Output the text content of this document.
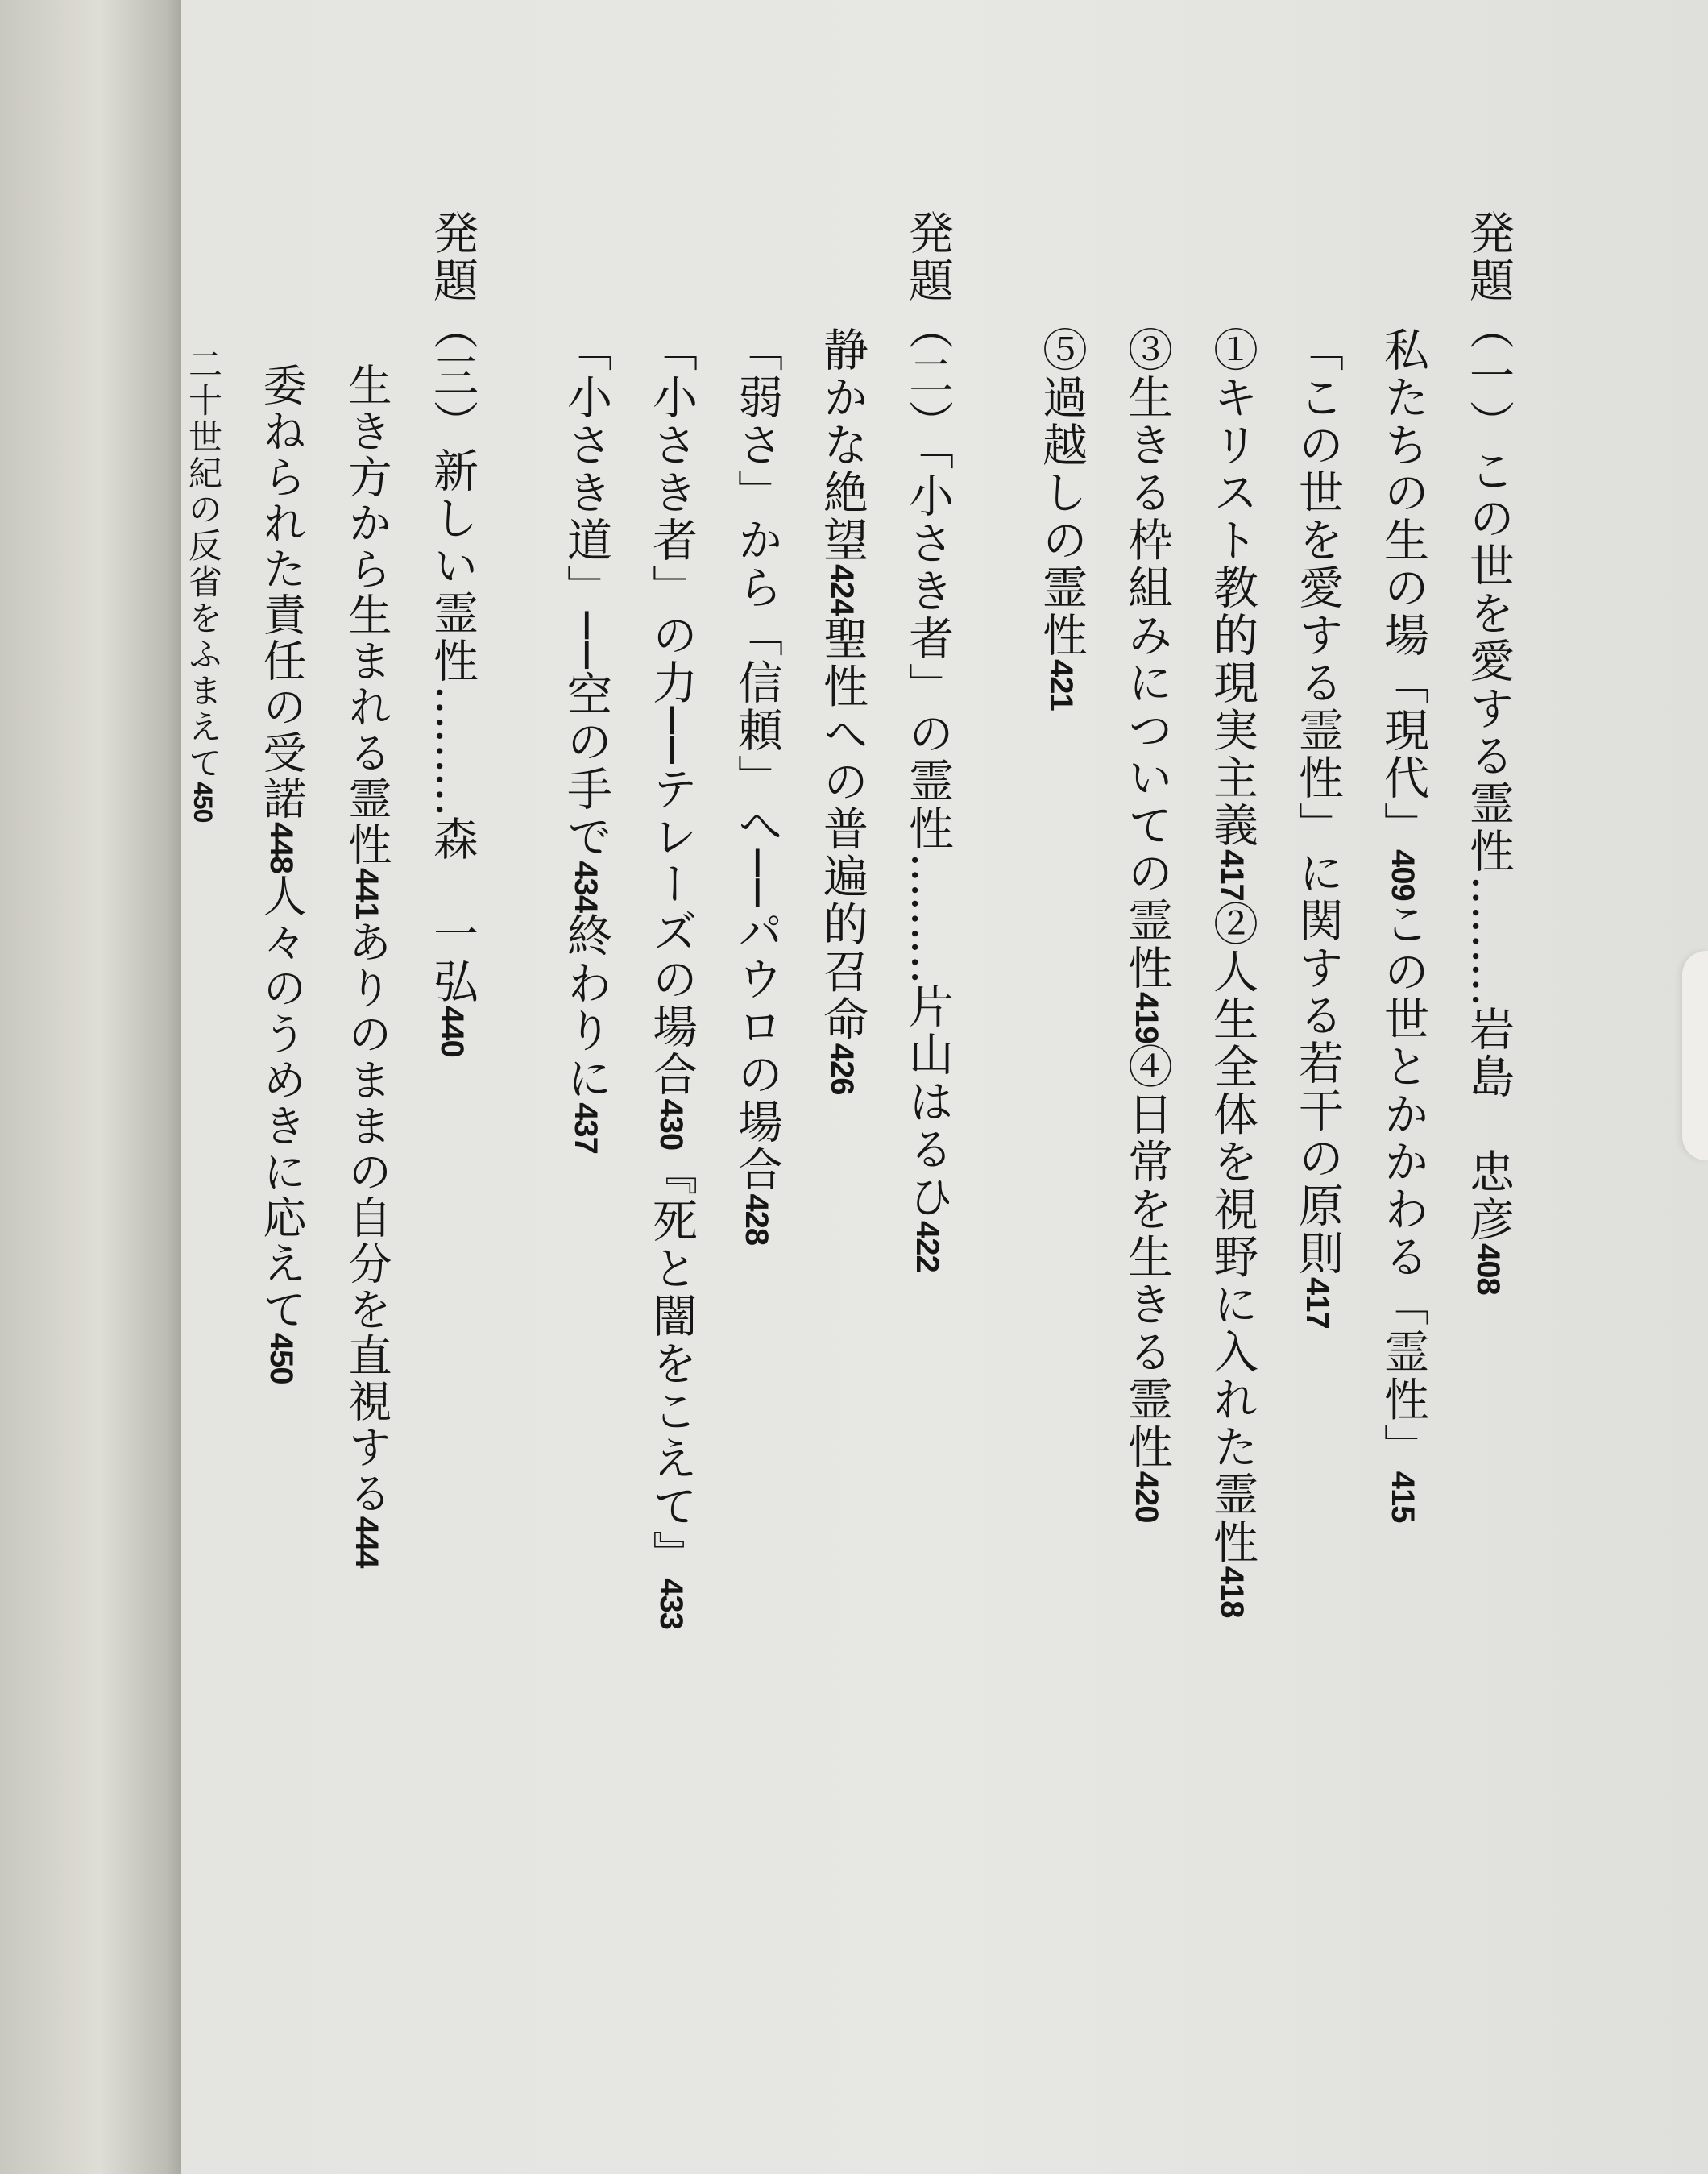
発題（一）この世を愛する霊性………岩島　忠彦408
私たちの生の場「現代」409この世とかかわる「霊性」415
「この世を愛する霊性」に関する若干の原則417
①キリスト教的現実主義417②人生全体を視野に入れた霊性418
③生きる枠組みについての霊性419④日常を生きる霊性420
⑤過越しの霊性421
発題（二）「小さき者」の霊性………片山はるひ422
静かな絶望424聖性への普遍的召命426
「弱さ」から「信頼」へ──パウロの場合428
「小さき者」の力──テレーズの場合430『死と闇をこえて』433
「小さき道」──空の手で434終わりに437
発題（三）新しい霊性………森　一弘440
生き方から生まれる霊性441ありのままの自分を直視する444
委ねられた責任の受諾448人々のうめきに応えて450
二十世紀の反省をふまえて450
